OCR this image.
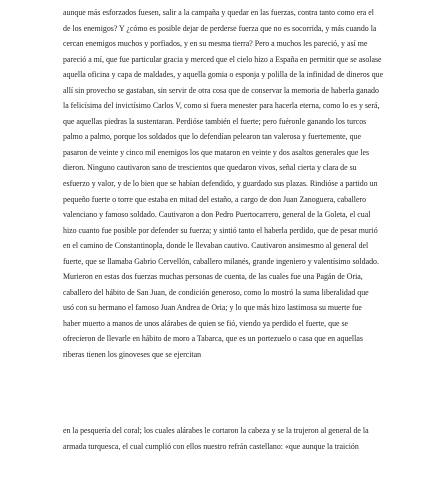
aunque más esforzados fuesen, salir a la campaña y quedar en las fuerzas, contra tanto como era el
de los enemigos? Y ¿cómo es posible dejar de perderse fuerza que no es socorrida, y más cuando la
cercan enemigos muchos y porfiados, y en su mesma tierra? Pero a muchos les pareció, y así me
pareció a mí, que fue particular gracia y merced que el cielo hizo a España en permitir que se asolase
aquella oficina y capa de maldades, y aquella gomia o esponja y polilla de la infinidad de dineros que
allí sin provecho se gastaban, sin servir de otra cosa que de conservar la memoria de haberla ganado
la felicísima del invictísimo Carlos V, como si fuera menester para hacerla eterna, como lo es y será,
que aquellas piedras la sustentaran. Perdióse también el fuerte; pero fuéronle ganando los turcos
palmo a palmo, porque los soldados que lo defendían pelearon tan valerosa y fuertemente, que
pasaron de veinte y cinco mil enemigos los que mataron en veinte y dos asaltos generales que les
dieron. Ninguno cautivaron sano de trescientos que quedaron vivos, señal cierta y clara de su
esfuerzo y valor, y de lo bien que se habían defendido, y guardado sus plazas. Rindióse a partido un
pequeño fuerte o torre que estaba en mitad del estaño, a cargo de don Juan Zanoguera, caballero
valenciano y famoso soldado. Cautivaron a don Pedro Puertocarrero, general de la Goleta, el cual
hizo cuanto fue posible por defender su fuerza; y sintió tanto el haberla perdido, que de pesar murió
en el camino de Constantinopla, donde le llevaban cautivo. Cautivaron ansimesmo al general del
fuerte, que se llamaba Gabrio Cervellón, caballero milanés, grande ingeniero y valentísimo soldado.
Murieron en estas dos fuerzas muchas personas de cuenta, de las cuales fue una Pagán de Oria,
caballero del hábito de San Juan, de condición generoso, como lo mostró la suma liberalidad que
usó con su hermano el famoso Juan Andrea de Oria; y lo que más hizo lastimosa su muerte fue
haber muerto a manos de unos alárabes de quien se fió, viendo ya perdido el fuerte, que se
ofrecieron de llevarle en hábito de moro a Tabarca, que es un portezuelo o casa que en aquellas
riberas tienen los ginoveses que se ejercitan
en la pesquería del coral; los cuales alárabes le cortaron la cabeza y se la trujeron al general de la
armada turquesca, el cual cumplió con ellos nuestro refrán castellano: «que aunque la traición
